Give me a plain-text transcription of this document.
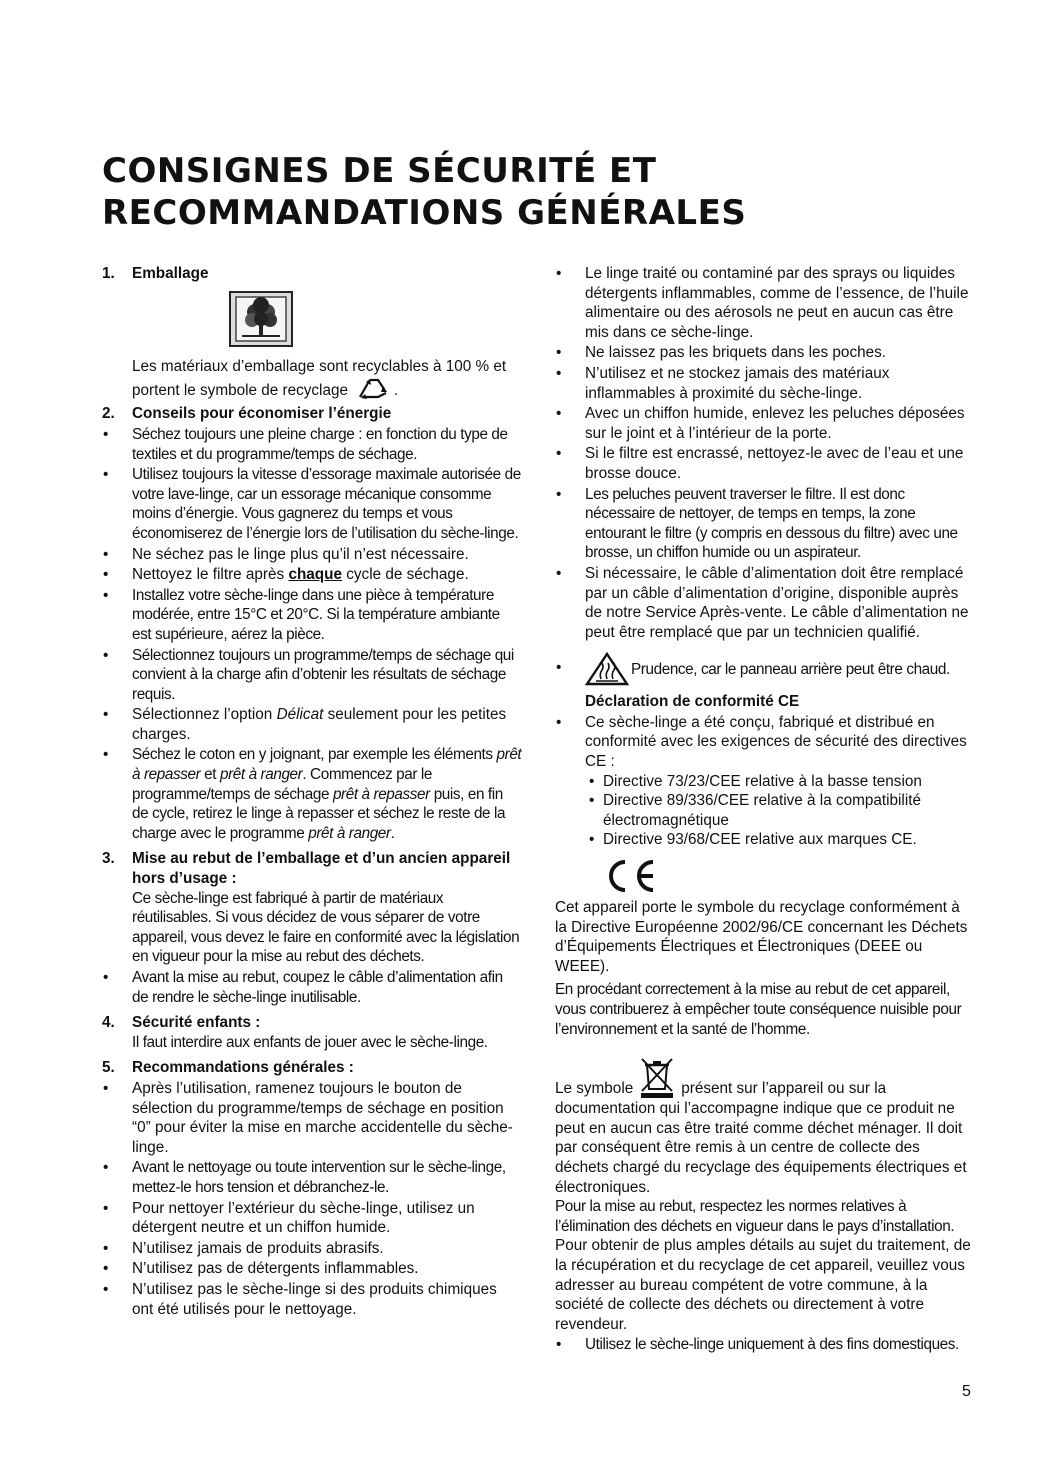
CONSIGNES DE SÉCURITÉ ET
RECOMMANDATIONS GÉNÉRALES
1. Emballage
Les matériaux d’emballage sont recyclables à 100 % et portent le symbole de recyclage	.
2. Conseils pour économiser l’énergie
• Séchez toujours une pleine charge : en fonction du type de textiles et du programme/temps de séchage.
• Utilisez toujours la vitesse d’essorage maximale autorisée de votre lave-linge, car un essorage mécanique consomme moins d’énergie. Vous gagnerez du temps et vous économiserez de l’énergie lors de l’utilisation du sèche-linge.
• Ne séchez pas le linge plus qu’il n’est nécessaire.
• Nettoyez le filtre après chaque cycle de séchage.
• Installez votre sèche-linge dans une pièce à température modérée, entre 15°C et 20°C. Si la température ambiante est supérieure, aérez la pièce.
• Sélectionnez toujours un programme/temps de séchage qui convient à la charge afin d’obtenir les résultats de séchage requis.
• Sélectionnez l’option Délicat seulement pour les petites charges.
• Séchez le coton en y joignant, par exemple les éléments prêt à repasser et prêt à ranger. Commencez par le programme/temps de séchage prêt à repasser puis, en fin de cycle, retirez le linge à repasser et séchez le reste de la charge avec le programme prêt à ranger.
3. Mise au rebut de l’emballage et d’un ancien appareil hors d’usage :
Ce sèche-linge est fabriqué à partir de matériaux réutilisables. Si vous décidez de vous séparer de votre appareil, vous devez le faire en conformité avec la législation en vigueur pour la mise au rebut des déchets.
• Avant la mise au rebut, coupez le câble d’alimentation afin de rendre le sèche-linge inutilisable.
4. Sécurité enfants :
Il faut interdire aux enfants de jouer avec le sèche-linge.
5. Recommandations générales :
• Après l’utilisation, ramenez toujours le bouton de sélection du programme/temps de séchage en position “0” pour éviter la mise en marche accidentelle du sèche-linge.
• Avant le nettoyage ou toute intervention sur le sèche-linge, mettez-le hors tension et débranchez-le.
• Pour nettoyer l’extérieur du sèche-linge, utilisez un détergent neutre et un chiffon humide.
• N’utilisez jamais de produits abrasifs.
• N’utilisez pas de détergents inflammables.
• N’utilisez pas le sèche-linge si des produits chimiques ont été utilisés pour le nettoyage.
• Le linge traité ou contaminé par des sprays ou liquides détergents inflammables, comme de l’essence, de l’huile alimentaire ou des aérosols ne peut en aucun cas être mis dans ce sèche-linge.
• Ne laissez pas les briquets dans les poches.
• N’utilisez et ne stockez jamais des matériaux inflammables à proximité du sèche-linge.
• Avec un chiffon humide, enlevez les peluches déposées sur le joint et à l’intérieur de la porte.
• Si le filtre est encrassé, nettoyez-le avec de l’eau et une brosse douce.
• Les peluches peuvent traverser le filtre. Il est donc nécessaire de nettoyer, de temps en temps, la zone entourant le filtre (y compris en dessous du filtre) avec une brosse, un chiffon humide ou un aspirateur.
• Si nécessaire, le câble d’alimentation doit être remplacé par un câble d’alimentation d’origine, disponible auprès de notre Service Après-vente. Le câble d’alimentation ne peut être remplacé que par un technicien qualifié.
• Prudence, car le panneau arrière peut être chaud.
Déclaration de conformité CE
• Ce sèche-linge a été conçu, fabriqué et distribué en conformité avec les exigences de sécurité des directives CE :
• Directive 73/23/CEE relative à la basse tension
• Directive 89/336/CEE relative à la compatibilité électromagnétique
• Directive 93/68/CEE relative aux marques CE.
Cet appareil porte le symbole du recyclage conformément à la Directive Européenne 2002/96/CE concernant les Déchets d’Équipements Électriques et Électroniques (DEEE ou WEEE).
En procédant correctement à la mise au rebut de cet appareil, vous contribuerez à empêcher toute conséquence nuisible pour l’environnement et la santé de l’homme.
Le symbole	présent sur l’appareil ou sur la documentation qui l’accompagne indique que ce produit ne peut en aucun cas être traité comme déchet ménager. Il doit par conséquent être remis à un centre de collecte des déchets chargé du recyclage des équipements électriques et électroniques.
Pour la mise au rebut, respectez les normes relatives à l’élimination des déchets en vigueur dans le pays d’installation.
Pour obtenir de plus amples détails au sujet du traitement, de la récupération et du recyclage de cet appareil, veuillez vous adresser au bureau compétent de votre commune, à la société de collecte des déchets ou directement à votre revendeur.
• Utilisez le sèche-linge uniquement à des fins domestiques.
5
